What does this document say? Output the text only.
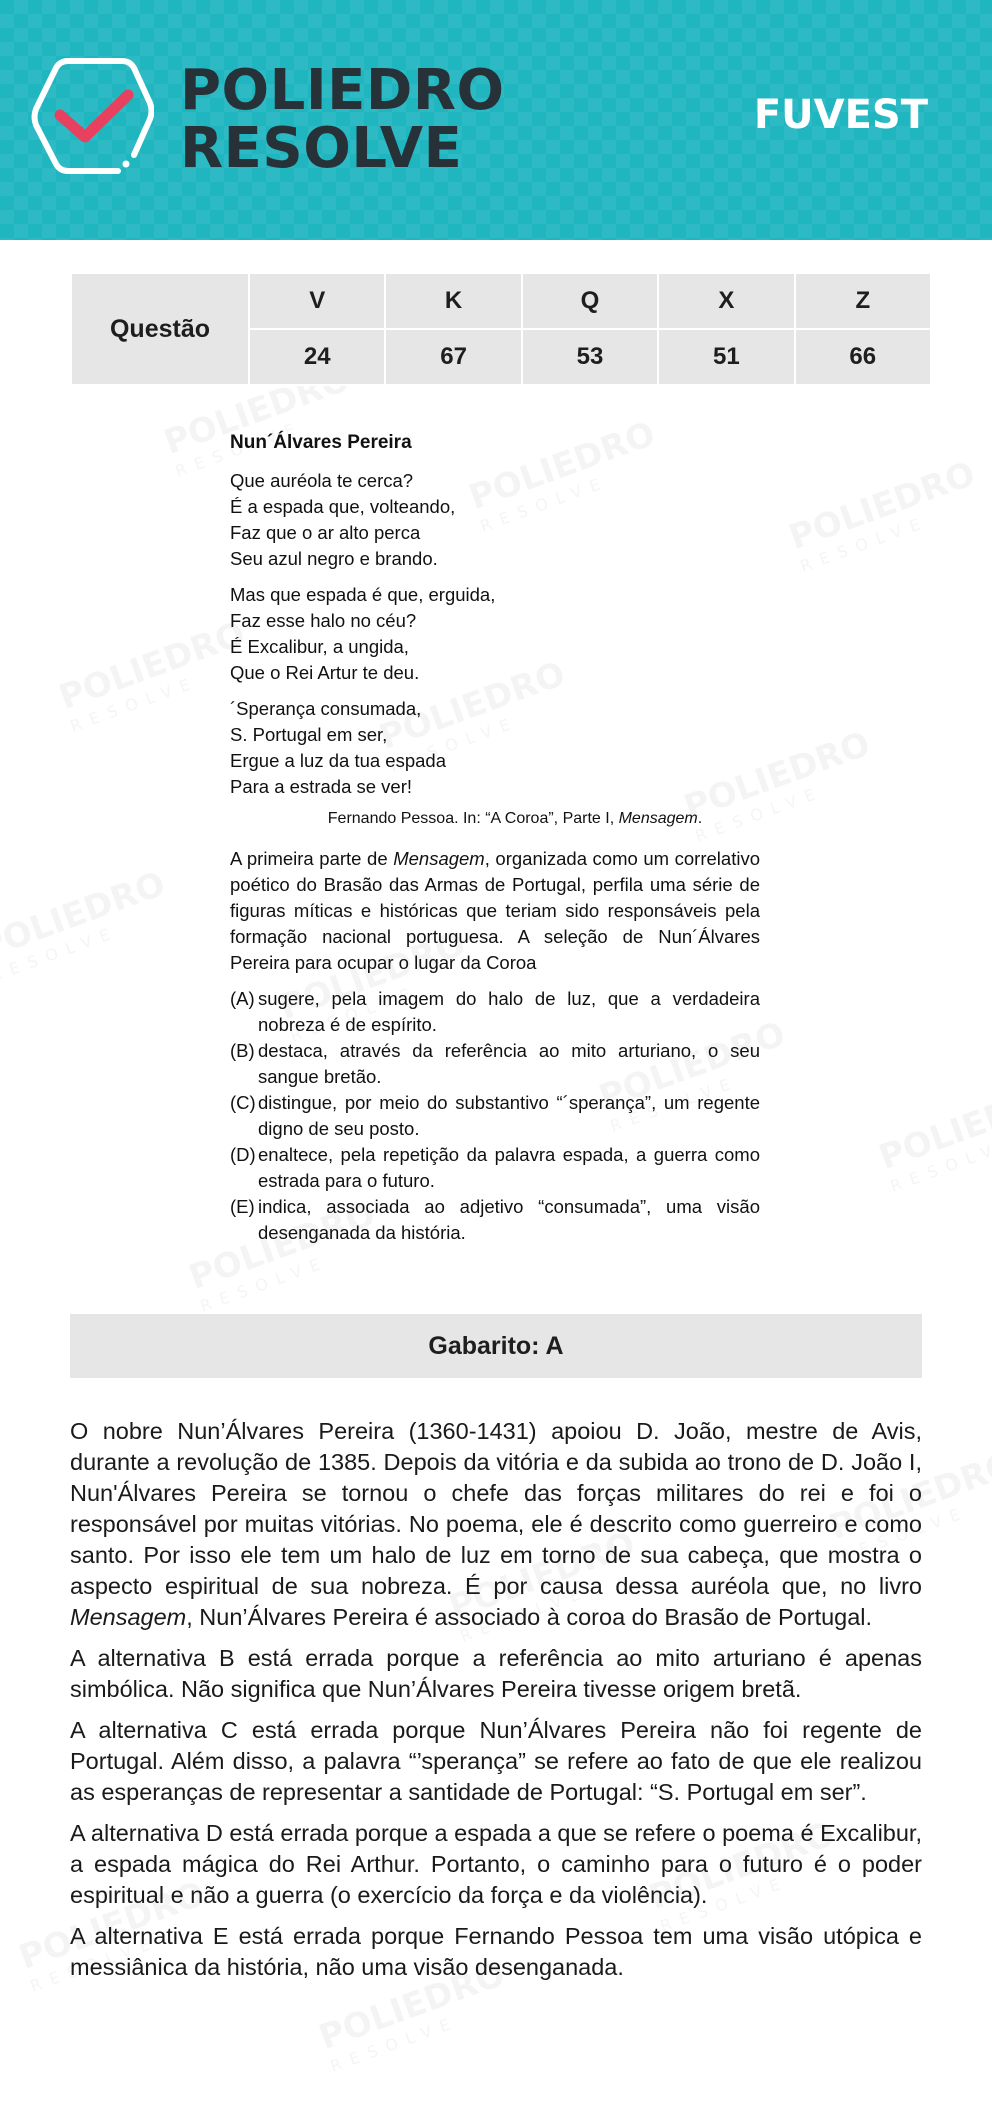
POLIEDRO
RESOLVE
FUVEST
Questão	V	K	Q	X	Z
	24	67	53	51	66
Nun´Álvares Pereira
Que auréola te cerca?
É a espada que, volteando,
Faz que o ar alto perca
Seu azul negro e brando.
Mas que espada é que, erguida,
Faz esse halo no céu?
É Excalibur, a ungida,
Que o Rei Artur te deu.
´Sperança consumada,
S. Portugal em ser,
Ergue a luz da tua espada
Para a estrada se ver!
Fernando Pessoa. In: “A Coroa”, Parte I, Mensagem.
A primeira parte de Mensagem, organizada como um correlativo poético do Brasão das Armas de Portugal, perfila uma série de figuras míticas e históricas que teriam sido responsáveis pela formação nacional portuguesa. A seleção de Nun´Álvares Pereira para ocupar o lugar da Coroa
(A) sugere, pela imagem do halo de luz, que a verdadeira nobreza é de espírito.
(B) destaca, através da referência ao mito arturiano, o seu sangue bretão.
(C) distingue, por meio do substantivo “´sperança”, um regente digno de seu posto.
(D) enaltece, pela repetição da palavra espada, a guerra como estrada para o futuro.
(E) indica, associada ao adjetivo “consumada”, uma visão desenganada da história.
Gabarito: A

O nobre Nun’Álvares Pereira (1360-1431) apoiou D. João, mestre de Avis, durante a revolução de 1385. Depois da vitória e da subida ao trono de D. João I, Nun'Álvares Pereira se tornou o chefe das forças militares do rei e foi o responsável por muitas vitórias. No poema, ele é descrito como guerreiro e como santo. Por isso ele tem um halo de luz em torno de sua cabeça, que mostra o aspecto espiritual de sua nobreza. É por causa dessa auréola que, no livro Mensagem, Nun’Álvares Pereira é associado à coroa do Brasão de Portugal.

A alternativa B está errada porque a referência ao mito arturiano é apenas simbólica. Não significa que Nun’Álvares Pereira tivesse origem bretã.

A alternativa C está errada porque Nun’Álvares Pereira não foi regente de Portugal. Além disso, a palavra “’sperança” se refere ao fato de que ele realizou as esperanças de representar a santidade de Portugal: “S. Portugal em ser”.

A alternativa D está errada porque a espada a que se refere o poema é Excalibur, a espada mágica do Rei Arthur. Portanto, o caminho para o futuro é o poder espiritual e não a guerra (o exercício da força e da violência).

A alternativa E está errada porque Fernando Pessoa tem uma visão utópica e messiânica da história, não uma visão desenganada.
